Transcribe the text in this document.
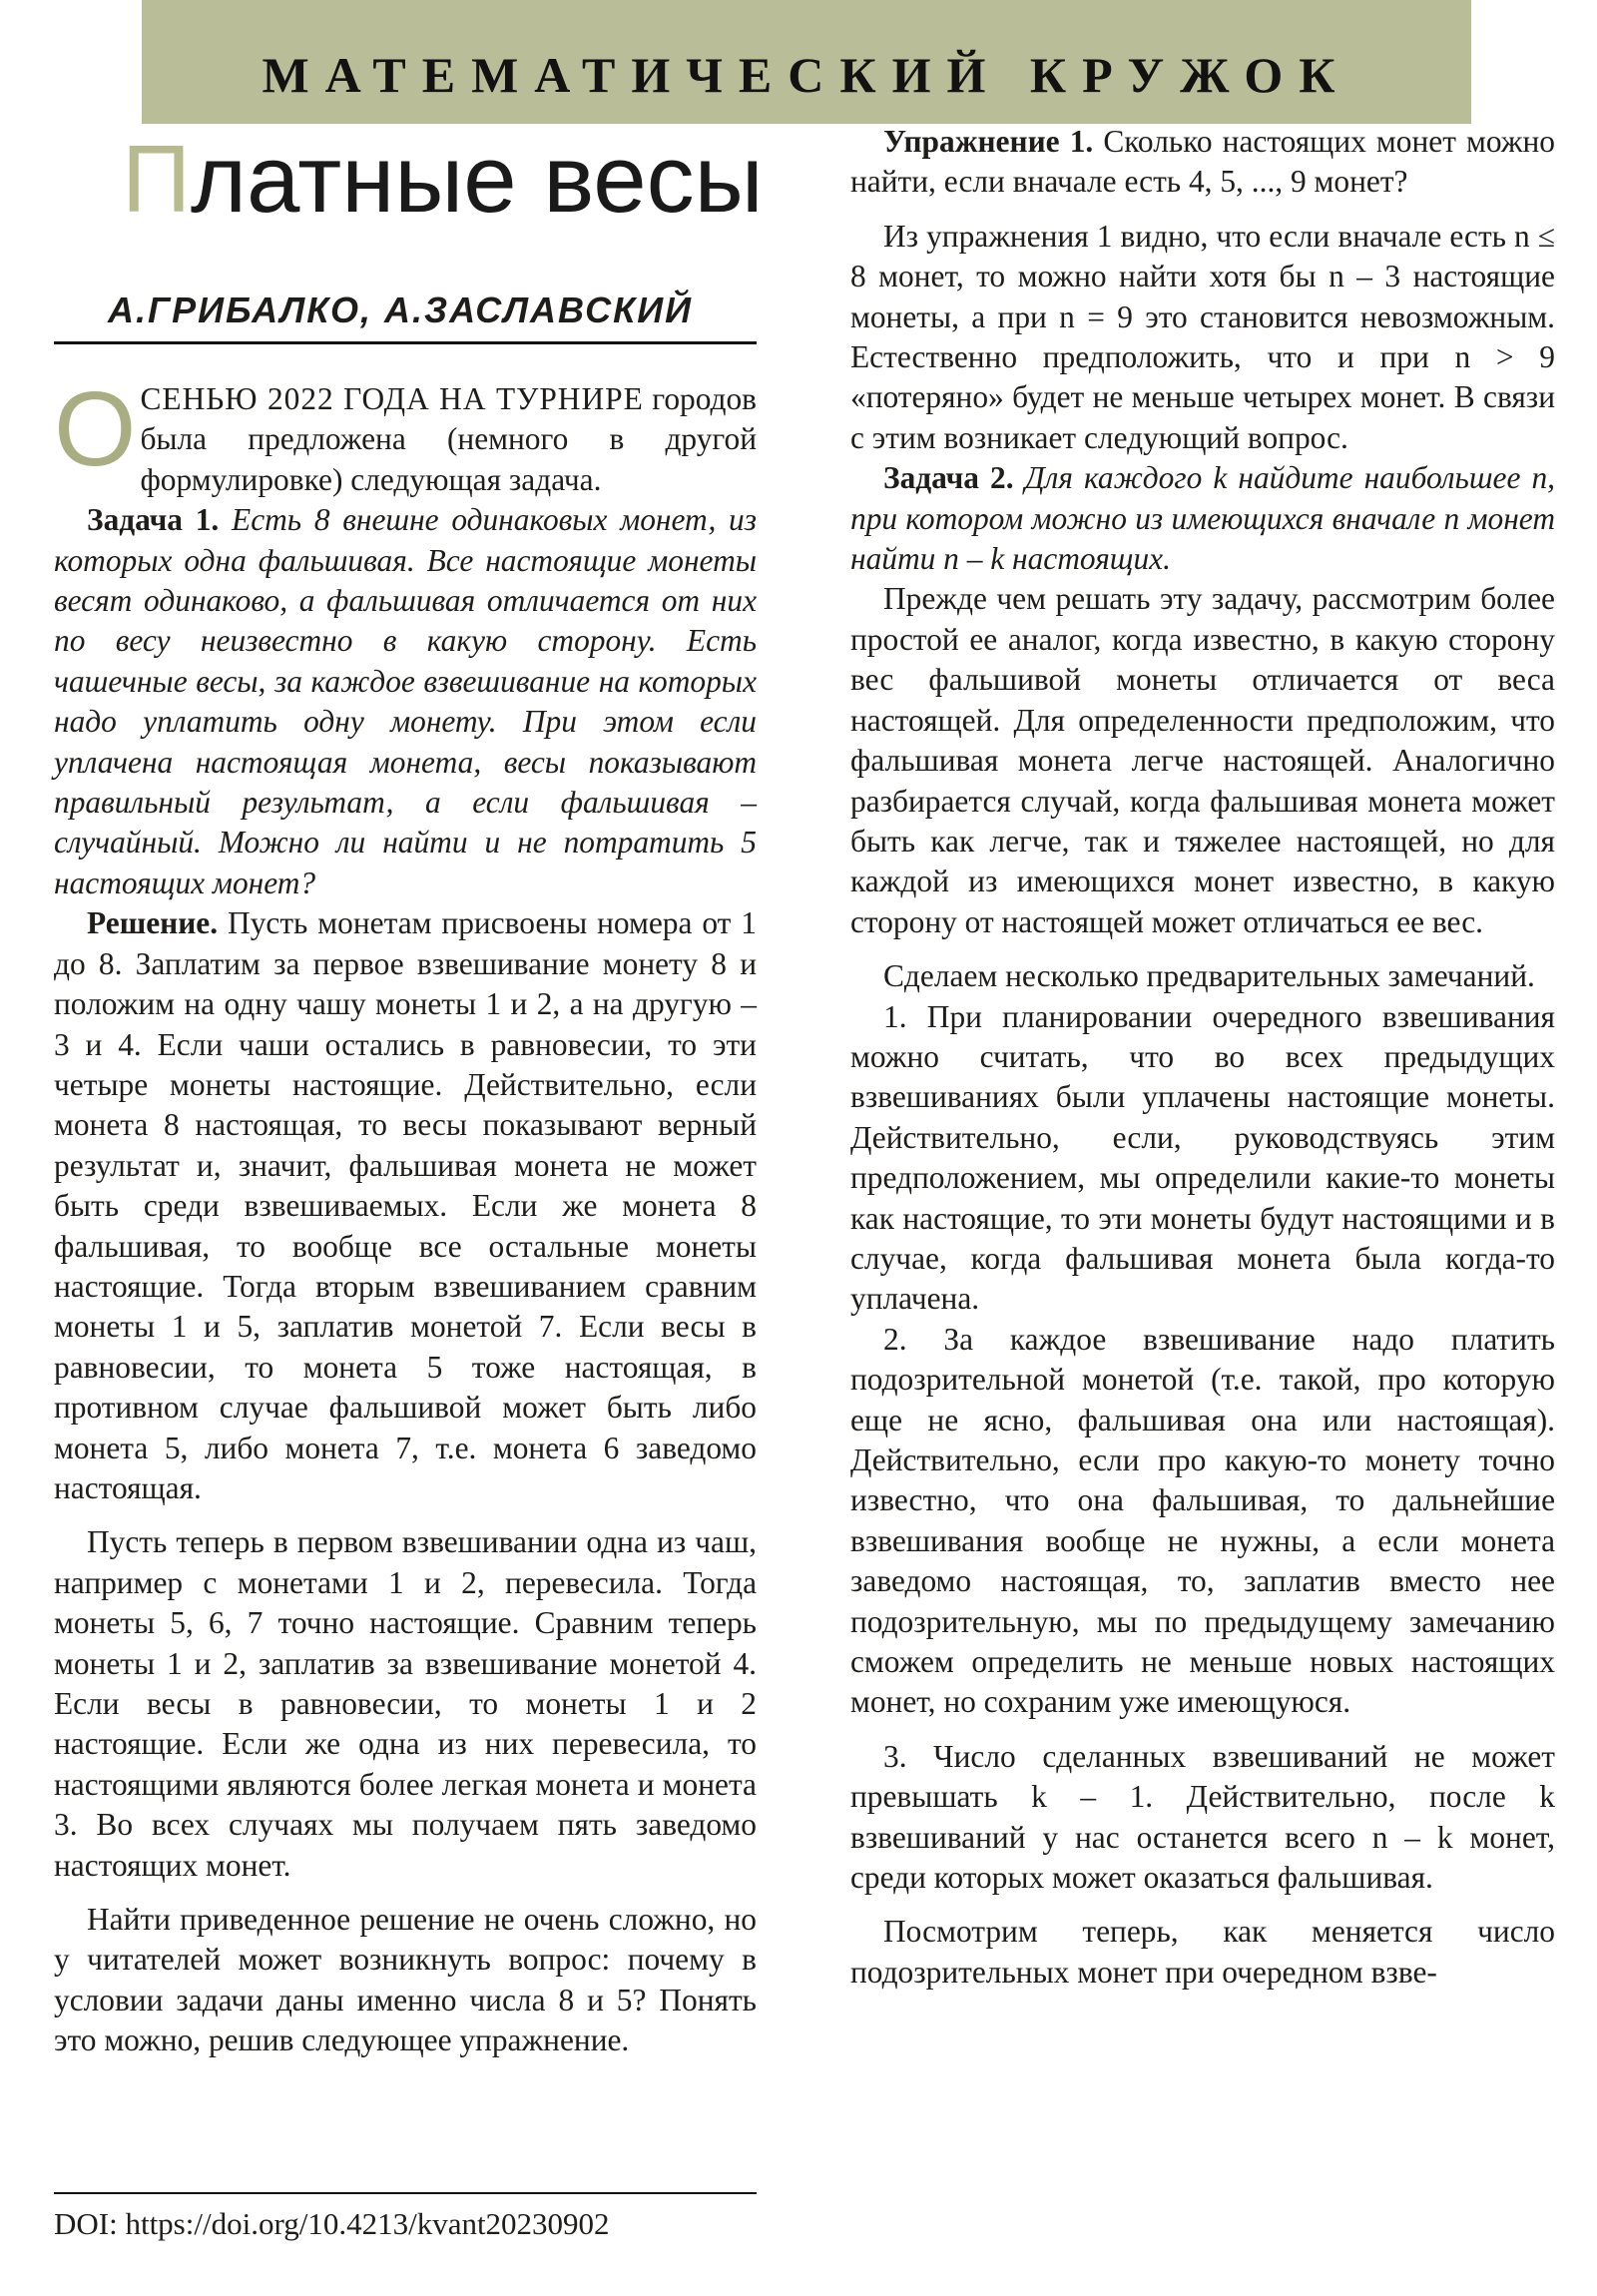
МАТЕМАТИЧЕСКИЙ КРУЖОК
Платные весы
А.ГРИБАЛКО, А.ЗАСЛАВСКИЙ

ОСЕНЬЮ 2022 ГОДА НА ТУРНИРЕ городов была предложена (немного в другой формулировке) следующая задача.

Задача 1. Есть 8 внешне одинаковых монет, из которых одна фальшивая. Все настоящие монеты весят одинаково, а фальшивая отличается от них по весу неизвестно в какую сторону. Есть чашечные весы, за каждое взвешивание на которых надо уплатить одну монету. При этом если уплачена настоящая монета, весы показывают правильный результат, а если фальшивая – случайный. Можно ли найти и не потратить 5 настоящих монет?

Решение. Пусть монетам присвоены номера от 1 до 8. Заплатим за первое взвешивание монету 8 и положим на одну чашу монеты 1 и 2, а на другую – 3 и 4. Если чаши остались в равновесии, то эти четыре монеты настоящие. Действительно, если монета 8 настоящая, то весы показывают верный результат и, значит, фальшивая монета не может быть среди взвешиваемых. Если же монета 8 фальшивая, то вообще все остальные монеты настоящие. Тогда вторым взвешиванием сравним монеты 1 и 5, заплатив монетой 7. Если весы в равновесии, то монета 5 тоже настоящая, в противном случае фальшивой может быть либо монета 5, либо монета 7, т.е. монета 6 заведомо настоящая.

Пусть теперь в первом взвешивании одна из чаш, например с монетами 1 и 2, перевесила. Тогда монеты 5, 6, 7 точно настоящие. Сравним теперь монеты 1 и 2, заплатив за взвешивание монетой 4. Если весы в равновесии, то монеты 1 и 2 настоящие. Если же одна из них перевесила, то настоящими являются более легкая монета и монета 3. Во всех случаях мы получаем пять заведомо настоящих монет.

Найти приведенное решение не очень сложно, но у читателей может возникнуть вопрос: почему в условии задачи даны именно числа 8 и 5? Понять это можно, решив следующее упражнение.

DOI: https://doi.org/10.4213/kvant20230902

Упражнение 1. Сколько настоящих монет можно найти, если вначале есть 4, 5, ..., 9 монет?

Из упражнения 1 видно, что если вначале есть n ≤ 8 монет, то можно найти хотя бы n – 3 настоящие монеты, а при n = 9 это становится невозможным. Естественно предположить, что и при n > 9 «потеряно» будет не меньше четырех монет. В связи с этим возникает следующий вопрос.

Задача 2. Для каждого k найдите наибольшее n, при котором можно из имеющихся вначале n монет найти n – k настоящих.

Прежде чем решать эту задачу, рассмотрим более простой ее аналог, когда известно, в какую сторону вес фальшивой монеты отличается от веса настоящей. Для определенности предположим, что фальшивая монета легче настоящей. Аналогично разбирается случай, когда фальшивая монета может быть как легче, так и тяжелее настоящей, но для каждой из имеющихся монет известно, в какую сторону от настоящей может отличаться ее вес.

Сделаем несколько предварительных замечаний.

1. При планировании очередного взвешивания можно считать, что во всех предыдущих взвешиваниях были уплачены настоящие монеты. Действительно, если, руководствуясь этим предположением, мы определили какие-то монеты как настоящие, то эти монеты будут настоящими и в случае, когда фальшивая монета была когда-то уплачена.

2. За каждое взвешивание надо платить подозрительной монетой (т.е. такой, про которую еще не ясно, фальшивая она или настоящая). Действительно, если про какую-то монету точно известно, что она фальшивая, то дальнейшие взвешивания вообще не нужны, а если монета заведомо настоящая, то, заплатив вместо нее подозрительную, мы по предыдущему замечанию сможем определить не меньше новых настоящих монет, но сохраним уже имеющуюся.

3. Число сделанных взвешиваний не может превышать k – 1. Действительно, после k взвешиваний у нас останется всего n – k монет, среди которых может оказаться фальшивая.

Посмотрим теперь, как меняется число подозрительных монет при очередном взве-
